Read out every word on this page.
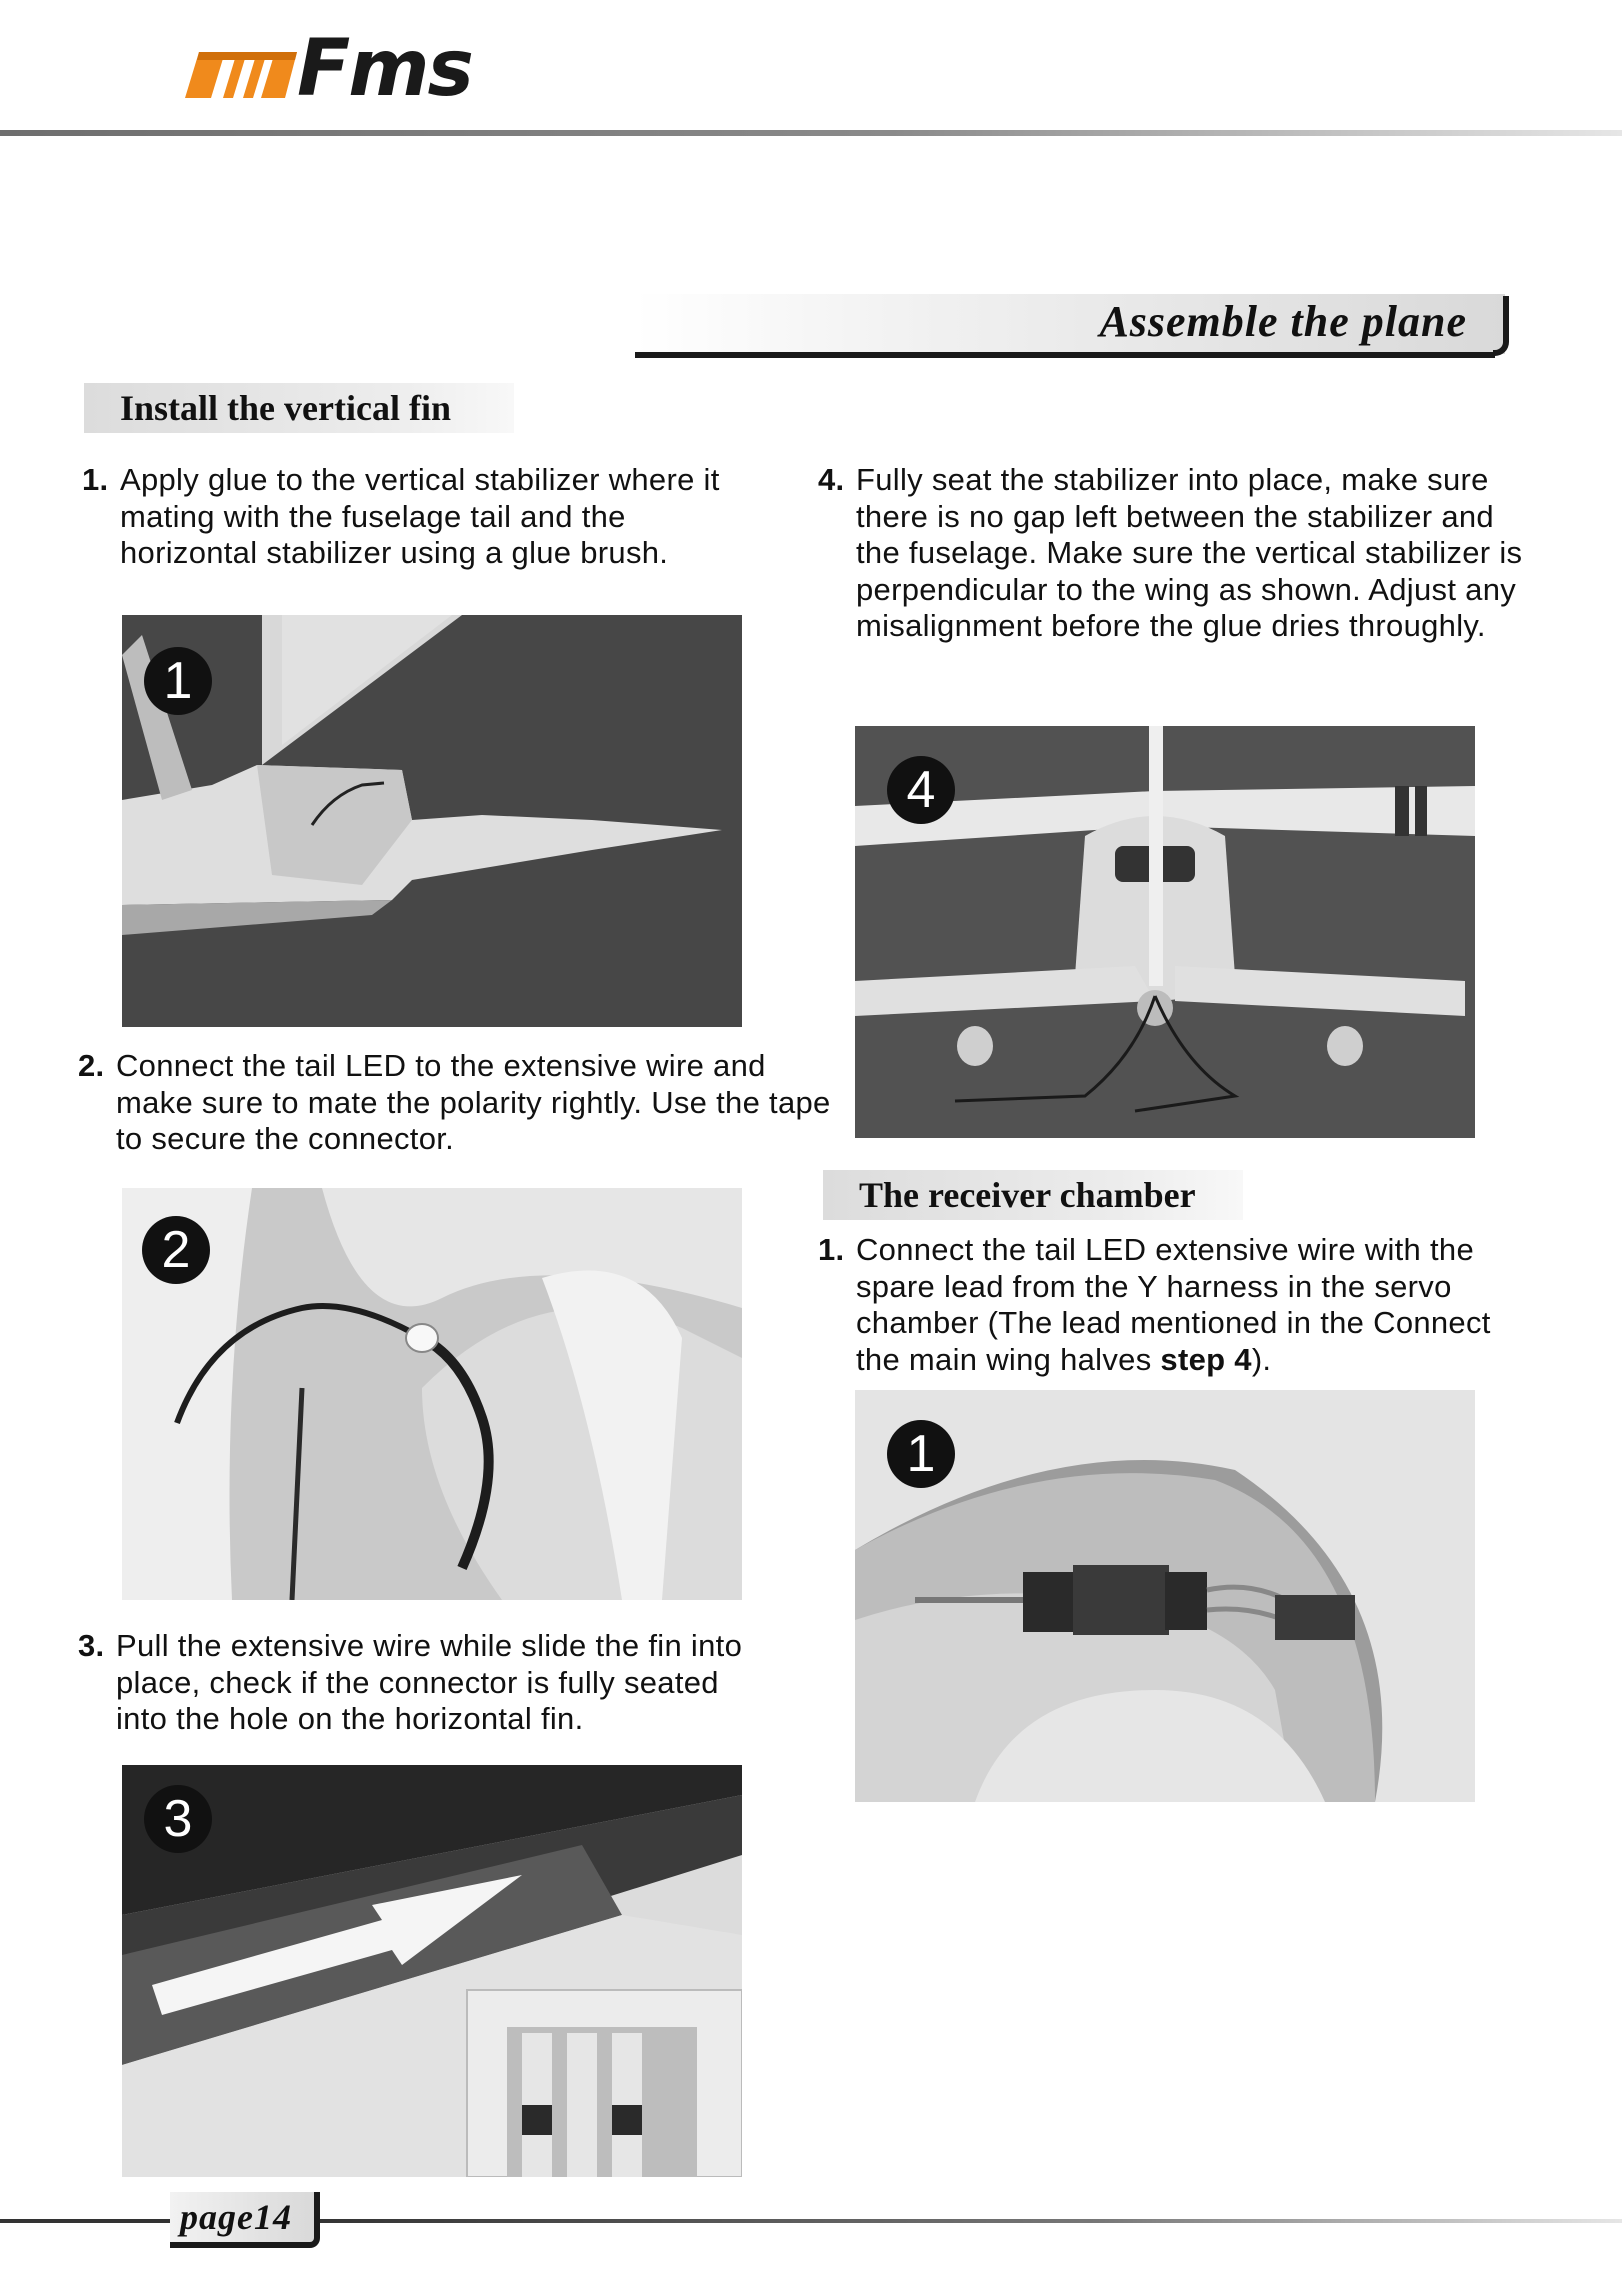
Fms
Assemble the plane
Install the vertical fin
1. Apply glue to the vertical stabilizer where it mating with the fuselage tail and the horizontal stabilizer using a glue brush.
1
2. Connect the tail LED to the extensive wire and make sure to mate the polarity rightly. Use the tape to secure the connector.
2
3. Pull the extensive wire while slide the fin into place, check if the connector is fully seated into the hole on the horizontal fin.
3
4. Fully seat the stabilizer into place, make sure there is no gap left between the stabilizer and the fuselage. Make sure the vertical stabilizer is perpendicular to the wing as shown. Adjust any misalignment before the glue dries throughly.
4
The receiver chamber
1. Connect the tail LED extensive wire with the spare lead from the Y harness in the servo chamber (The lead mentioned in the Connect the main wing halves step 4).
1
page14
